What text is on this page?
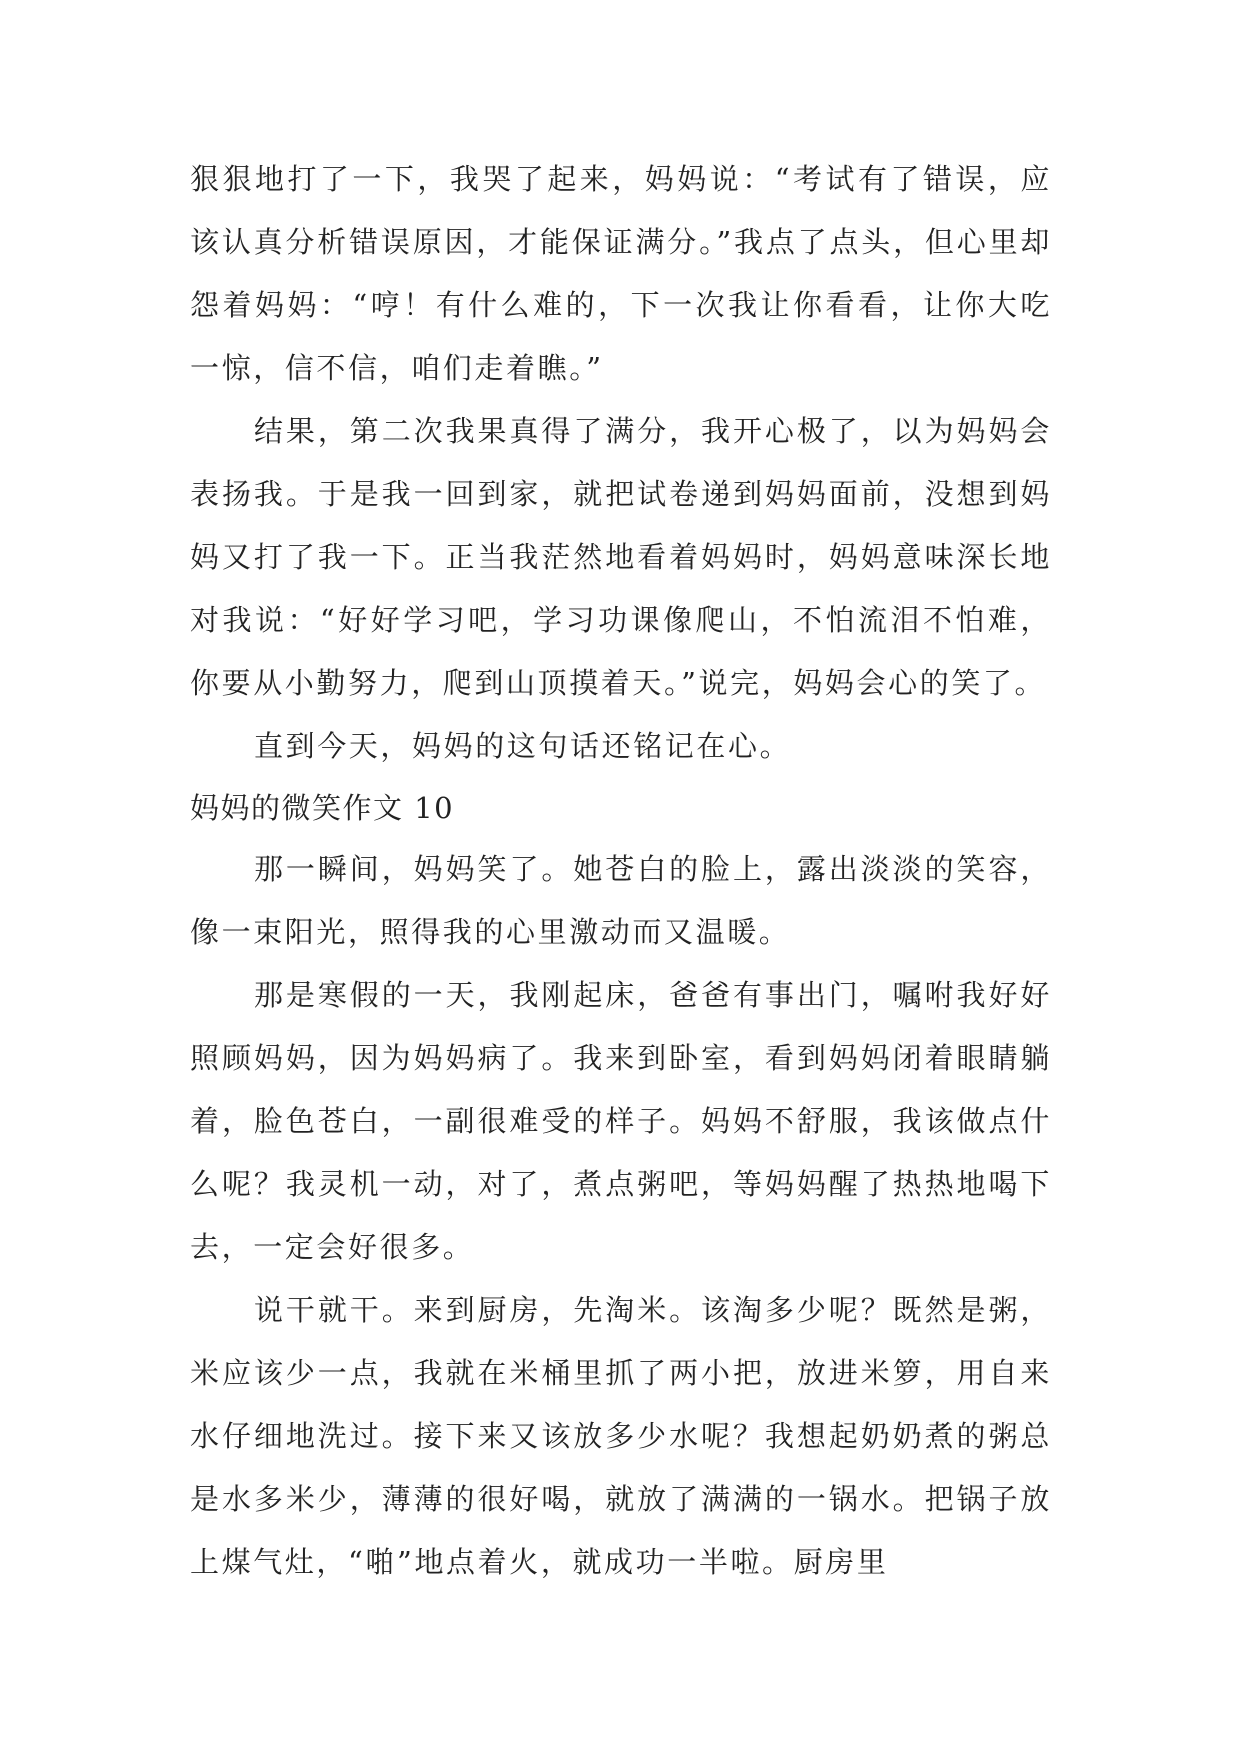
狠狠地打了一下，我哭了起来，妈妈说：“考试有了错误，应该认真分析错误原因，才能保证满分。”我点了点头，但心里却怨着妈妈：“哼！有什么难的，下一次我让你看看，让你大吃一惊，信不信，咱们走着瞧。”

结果，第二次我果真得了满分，我开心极了，以为妈妈会表扬我。于是我一回到家，就把试卷递到妈妈面前，没想到妈妈又打了我一下。正当我茫然地看着妈妈时，妈妈意味深长地对我说：“好好学习吧，学习功课像爬山，不怕流泪不怕难，你要从小勤努力，爬到山顶摸着天。”说完，妈妈会心的笑了。

直到今天，妈妈的这句话还铭记在心。

妈妈的微笑作文 10

那一瞬间，妈妈笑了。她苍白的脸上，露出淡淡的笑容，像一束阳光，照得我的心里激动而又温暖。

那是寒假的一天，我刚起床，爸爸有事出门，嘱咐我好好照顾妈妈，因为妈妈病了。我来到卧室，看到妈妈闭着眼睛躺着，脸色苍白，一副很难受的样子。妈妈不舒服，我该做点什么呢？我灵机一动，对了，煮点粥吧，等妈妈醒了热热地喝下去，一定会好很多。

说干就干。来到厨房，先淘米。该淘多少呢？既然是粥，米应该少一点，我就在米桶里抓了两小把，放进米箩，用自来水仔细地洗过。接下来又该放多少水呢？我想起奶奶煮的粥总是水多米少，薄薄的很好喝，就放了满满的一锅水。把锅子放上煤气灶，“啪”地点着火，就成功一半啦。厨房里
